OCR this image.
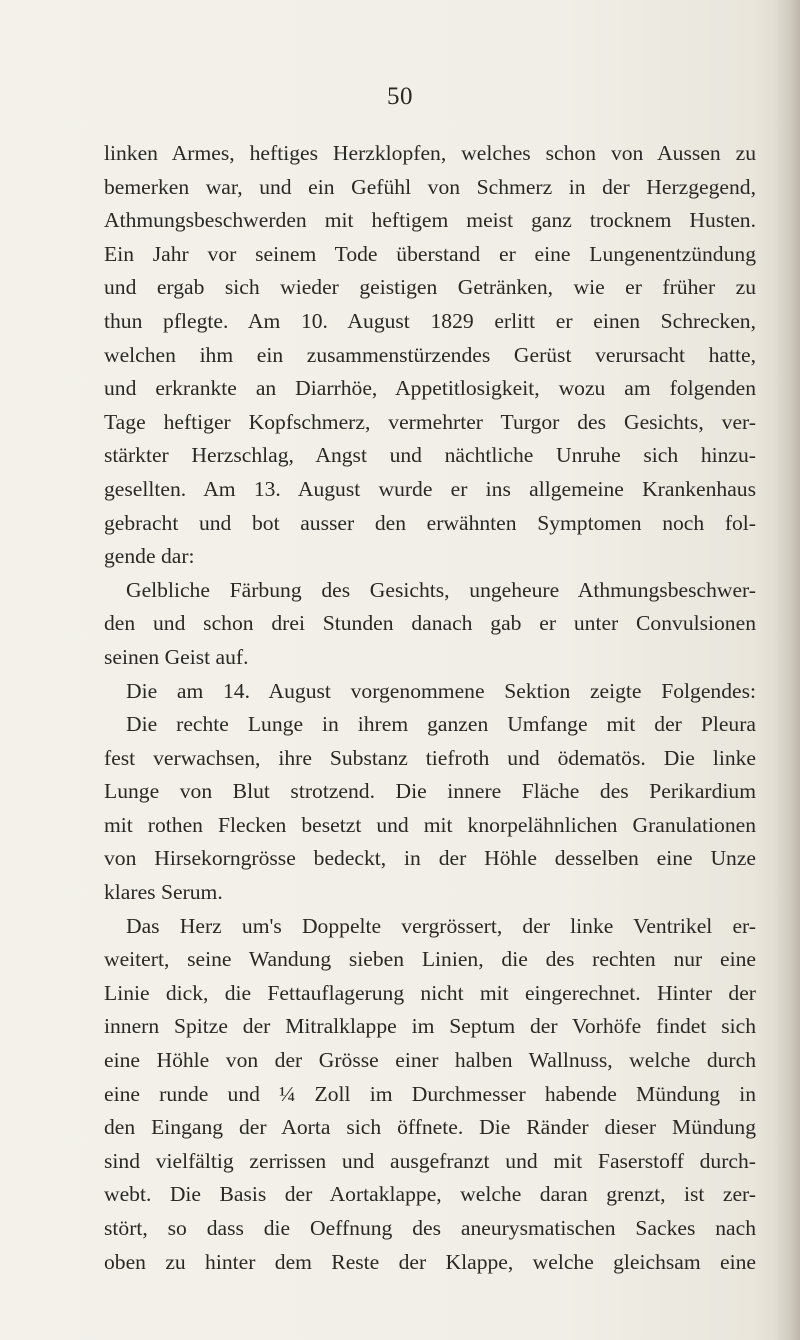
50
linken Armes, heftiges Herzklopfen, welches schon von Aussen zu
bemerken war, und ein Gefühl von Schmerz in der Herzgegend,
Athmungsbeschwerden mit heftigem meist ganz trocknem Husten.
Ein Jahr vor seinem Tode überstand er eine Lungenentzündung
und ergab sich wieder geistigen Getränken, wie er früher zu
thun pflegte. Am 10. August 1829 erlitt er einen Schrecken,
welchen ihm ein zusammenstürzendes Gerüst verursacht hatte,
und erkrankte an Diarrhöe, Appetitlosigkeit, wozu am folgenden
Tage heftiger Kopfschmerz, vermehrter Turgor des Gesichts, ver-
stärkter Herzschlag, Angst und nächtliche Unruhe sich hinzu-
gesellten. Am 13. August wurde er ins allgemeine Krankenhaus
gebracht und bot ausser den erwähnten Symptomen noch fol-
gende dar:
Gelbliche Färbung des Gesichts, ungeheure Athmungsbeschwer-
den und schon drei Stunden danach gab er unter Convulsionen
seinen Geist auf.
Die am 14. August vorgenommene Sektion zeigte Folgendes:
Die rechte Lunge in ihrem ganzen Umfange mit der Pleura
fest verwachsen, ihre Substanz tiefroth und ödematös. Die linke
Lunge von Blut strotzend. Die innere Fläche des Perikardium
mit rothen Flecken besetzt und mit knorpelähnlichen Granulationen
von Hirsekorngrösse bedeckt, in der Höhle desselben eine Unze
klares Serum.
Das Herz um's Doppelte vergrössert, der linke Ventrikel er-
weitert, seine Wandung sieben Linien, die des rechten nur eine
Linie dick, die Fettauflagerung nicht mit eingerechnet. Hinter der
innern Spitze der Mitralklappe im Septum der Vorhöfe findet sich
eine Höhle von der Grösse einer halben Wallnuss, welche durch
eine runde und ¼ Zoll im Durchmesser habende Mündung in
den Eingang der Aorta sich öffnete. Die Ränder dieser Mündung
sind vielfältig zerrissen und ausgefranzt und mit Faserstoff durch-
webt. Die Basis der Aortaklappe, welche daran grenzt, ist zer-
stört, so dass die Oeffnung des aneurysmatischen Sackes nach
oben zu hinter dem Reste der Klappe, welche gleichsam eine
